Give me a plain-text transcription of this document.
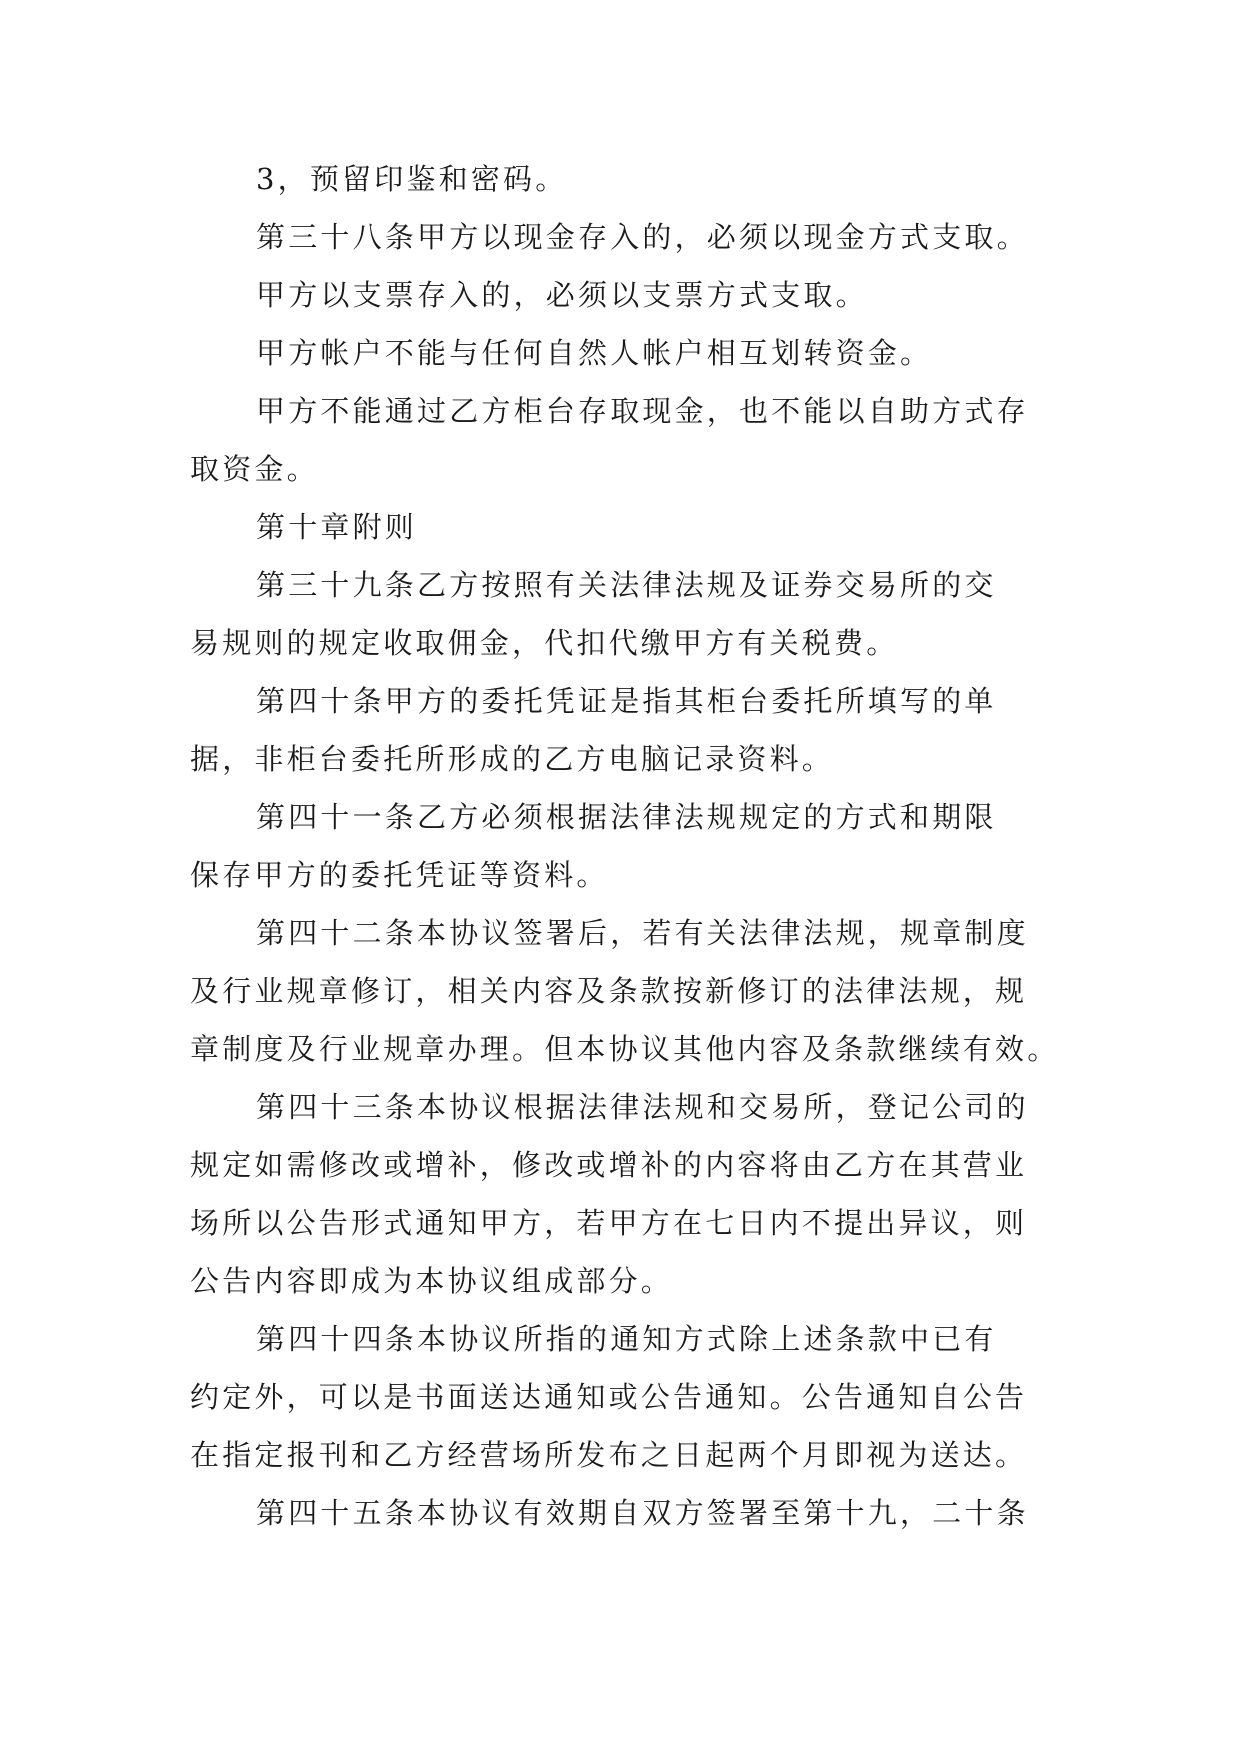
3，预留印鉴和密码。
第三十八条甲方以现金存入的，必须以现金方式支取。
甲方以支票存入的，必须以支票方式支取。
甲方帐户不能与任何自然人帐户相互划转资金。
甲方不能通过乙方柜台存取现金，也不能以自助方式存
取资金。
第十章附则
第三十九条乙方按照有关法律法规及证券交易所的交
易规则的规定收取佣金，代扣代缴甲方有关税费。
第四十条甲方的委托凭证是指其柜台委托所填写的单
据，非柜台委托所形成的乙方电脑记录资料。
第四十一条乙方必须根据法律法规规定的方式和期限
保存甲方的委托凭证等资料。
第四十二条本协议签署后，若有关法律法规，规章制度
及行业规章修订，相关内容及条款按新修订的法律法规，规
章制度及行业规章办理。但本协议其他内容及条款继续有效。
第四十三条本协议根据法律法规和交易所，登记公司的
规定如需修改或增补，修改或增补的内容将由乙方在其营业
场所以公告形式通知甲方，若甲方在七日内不提出异议，则
公告内容即成为本协议组成部分。
第四十四条本协议所指的通知方式除上述条款中已有
约定外，可以是书面送达通知或公告通知。公告通知自公告
在指定报刊和乙方经营场所发布之日起两个月即视为送达。
第四十五条本协议有效期自双方签署至第十九，二十条
